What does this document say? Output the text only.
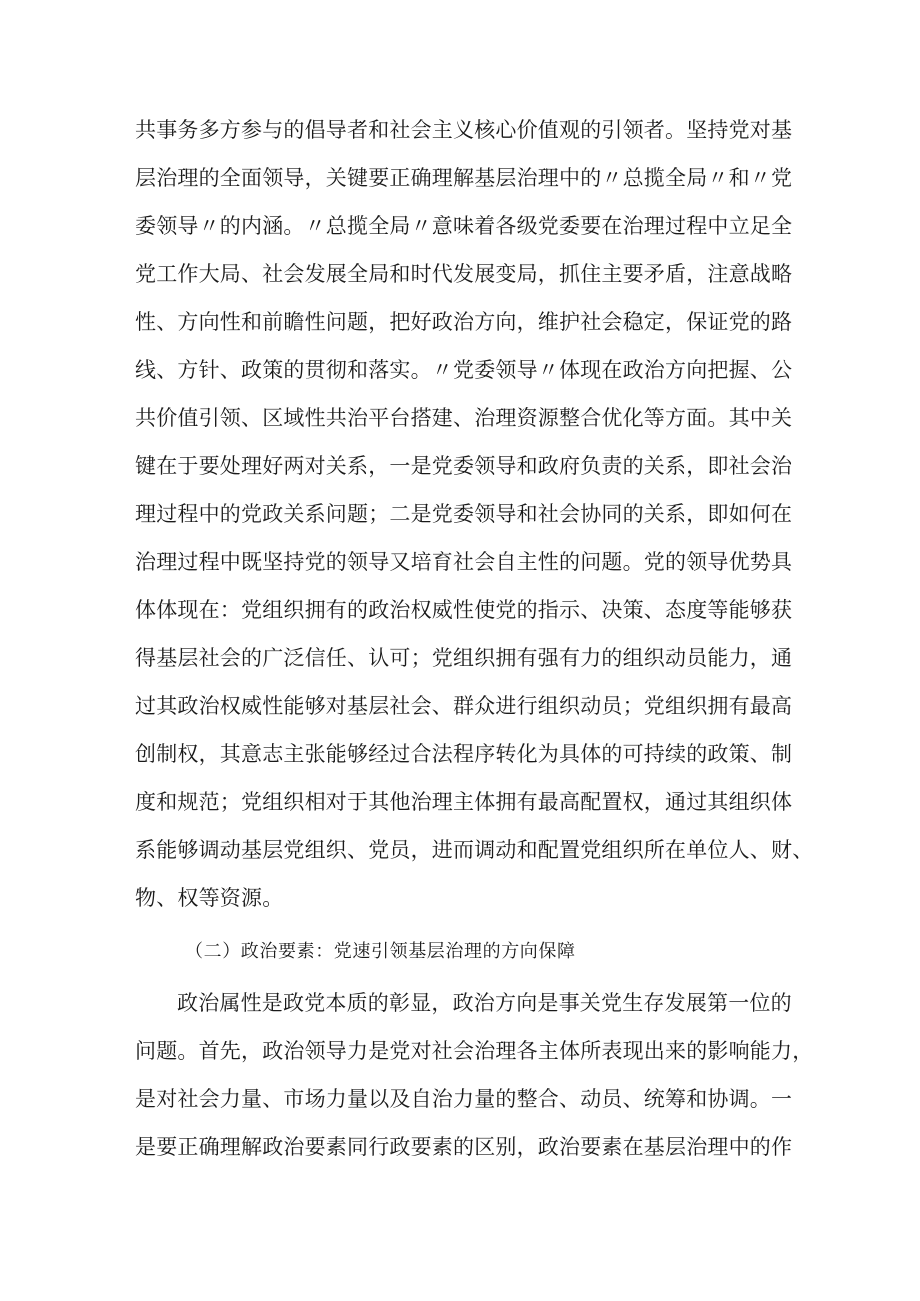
共事务多方参与的倡导者和社会主义核心价值观的引领者。坚持党对基
层治理的全面领导，关键要正确理解基层治理中的〃总揽全局〃和〃党
委领导〃的内涵。〃总揽全局〃意味着各级党委要在治理过程中立足全
党工作大局、社会发展全局和时代发展变局，抓住主要矛盾，注意战略
性、方向性和前瞻性问题，把好政治方向，维护社会稳定，保证党的路
线、方针、政策的贯彻和落实。〃党委领导〃体现在政治方向把握、公
共价值引领、区域性共治平台搭建、治理资源整合优化等方面。其中关
键在于要处理好两对关系，一是党委领导和政府负责的关系，即社会治
理过程中的党政关系问题；二是党委领导和社会协同的关系，即如何在
治理过程中既坚持党的领导又培育社会自主性的问题。党的领导优势具
体体现在：党组织拥有的政治权威性使党的指示、决策、态度等能够获
得基层社会的广泛信任、认可；党组织拥有强有力的组织动员能力，通
过其政治权威性能够对基层社会、群众进行组织动员；党组织拥有最高
创制权，其意志主张能够经过合法程序转化为具体的可持续的政策、制
度和规范；党组织相对于其他治理主体拥有最高配置权，通过其组织体
系能够调动基层党组织、党员，进而调动和配置党组织所在单位人、财、
物、权等资源。
（二）政治要素：党速引领基层治理的方向保障
政治属性是政党本质的彰显，政治方向是事关党生存发展第一位的
问题。首先，政治领导力是党对社会治理各主体所表现出来的影响能力，
是对社会力量、市场力量以及自治力量的整合、动员、统筹和协调。一
是要正确理解政治要素同行政要素的区别，政治要素在基层治理中的作
